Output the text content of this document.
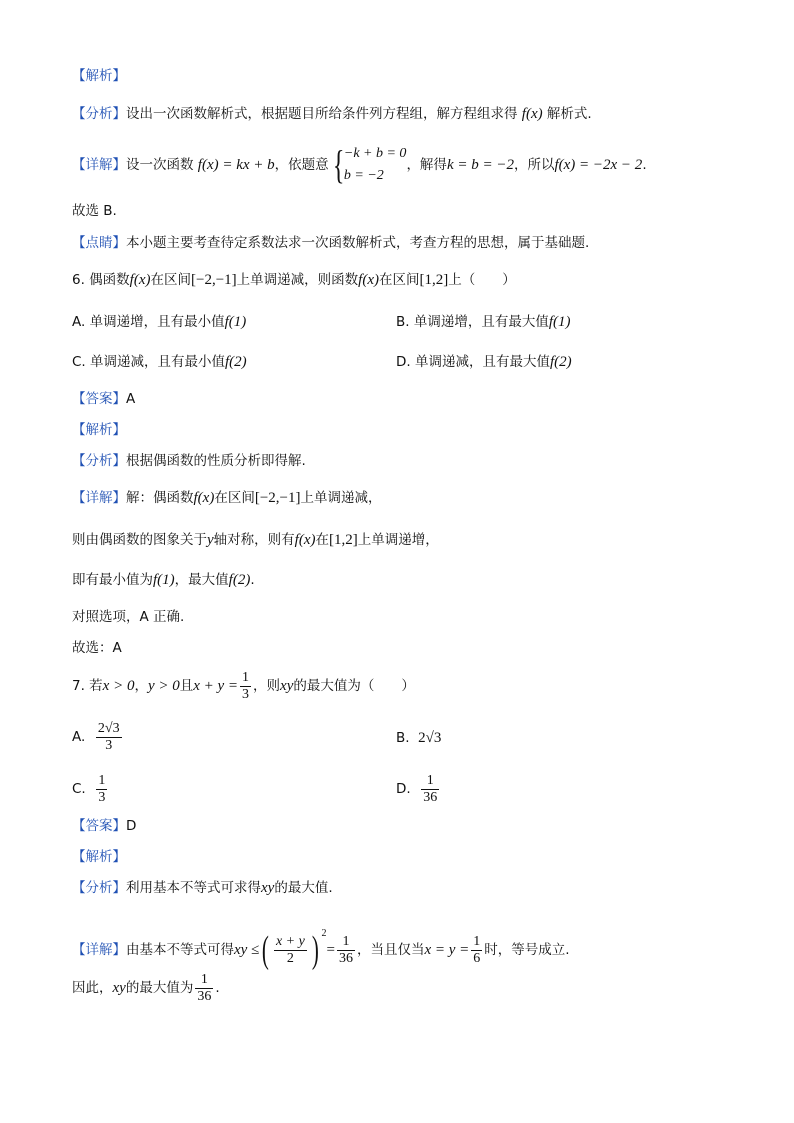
【解析】
【分析】设出一次函数解析式，根据题目所给条件列方程组，解方程组求得 f(x) 解析式.
【详解】设一次函数 f(x) = kx + b，依题意{ −k + b = 0
b = −2
，解得k = b = −2，所以f(x) = −2x − 2.
故选 B.
【点睛】本小题主要考查待定系数法求一次函数解析式，考查方程的思想，属于基础题.
6. 偶函数f(x)在区间[−2,−1]上单调递减，则函数f(x)在区间[1,2]上（　　）
A. 单调递增，且有最小值f(1)	B. 单调递增，且有最大值f(1)
C. 单调递减，且有最小值f(2)	D. 单调递减，且有最大值f(2)
【答案】A
【解析】
【分析】根据偶函数的性质分析即得解.
【详解】解：偶函数f(x)在区间[−2,−1]上单调递减，
则由偶函数的图象关于y轴对称，则有f(x)在[1,2]上单调递增，
即有最小值为f(1)，最大值f(2).
对照选项，A 正确.
故选：A
7. 若x > 0，y > 0且$x + y = \frac{1}{3}$ ，则xy的最大值为（　　）
A. $\frac{2√3}{3}$	B. 2√3
C. $\frac{1}{3}$	D. $\frac{1}{36}$
【答案】D
【解析】
【分析】利用基本不等式可求得xy的最大值.
【详解】由基本不等式可得xy ≤( $\frac{x + y}{2}$ ) $^2= \frac{1}{36}$ ，当且仅当$x = y = \frac{1}{6}$ 时，等号成立.
因此，xy的最大值为 $\frac{1}{36}$ .
